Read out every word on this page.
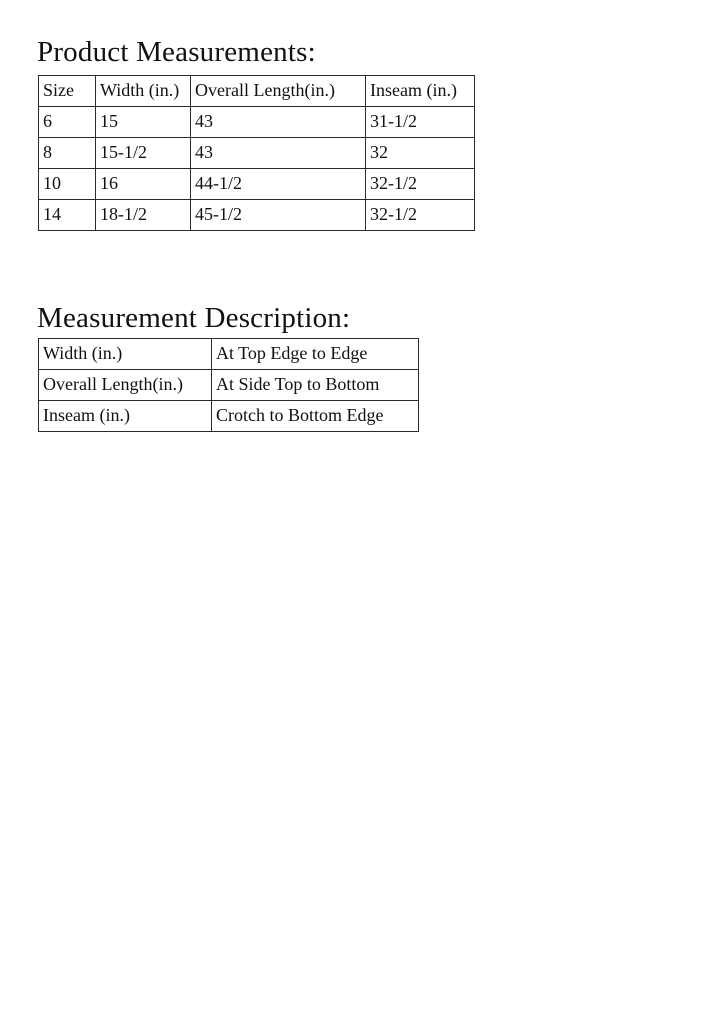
Product Measurements:
Size	Width (in.)	Overall Length(in.)	Inseam (in.)
6	15	43	31-1/2
8	15-1/2	43	32
10	16	44-1/2	32-1/2
14	18-1/2	45-1/2	32-1/2
Measurement Description:
Width (in.)	At Top Edge to Edge
Overall Length(in.)	At Side Top to Bottom
Inseam (in.)	Crotch to Bottom Edge
